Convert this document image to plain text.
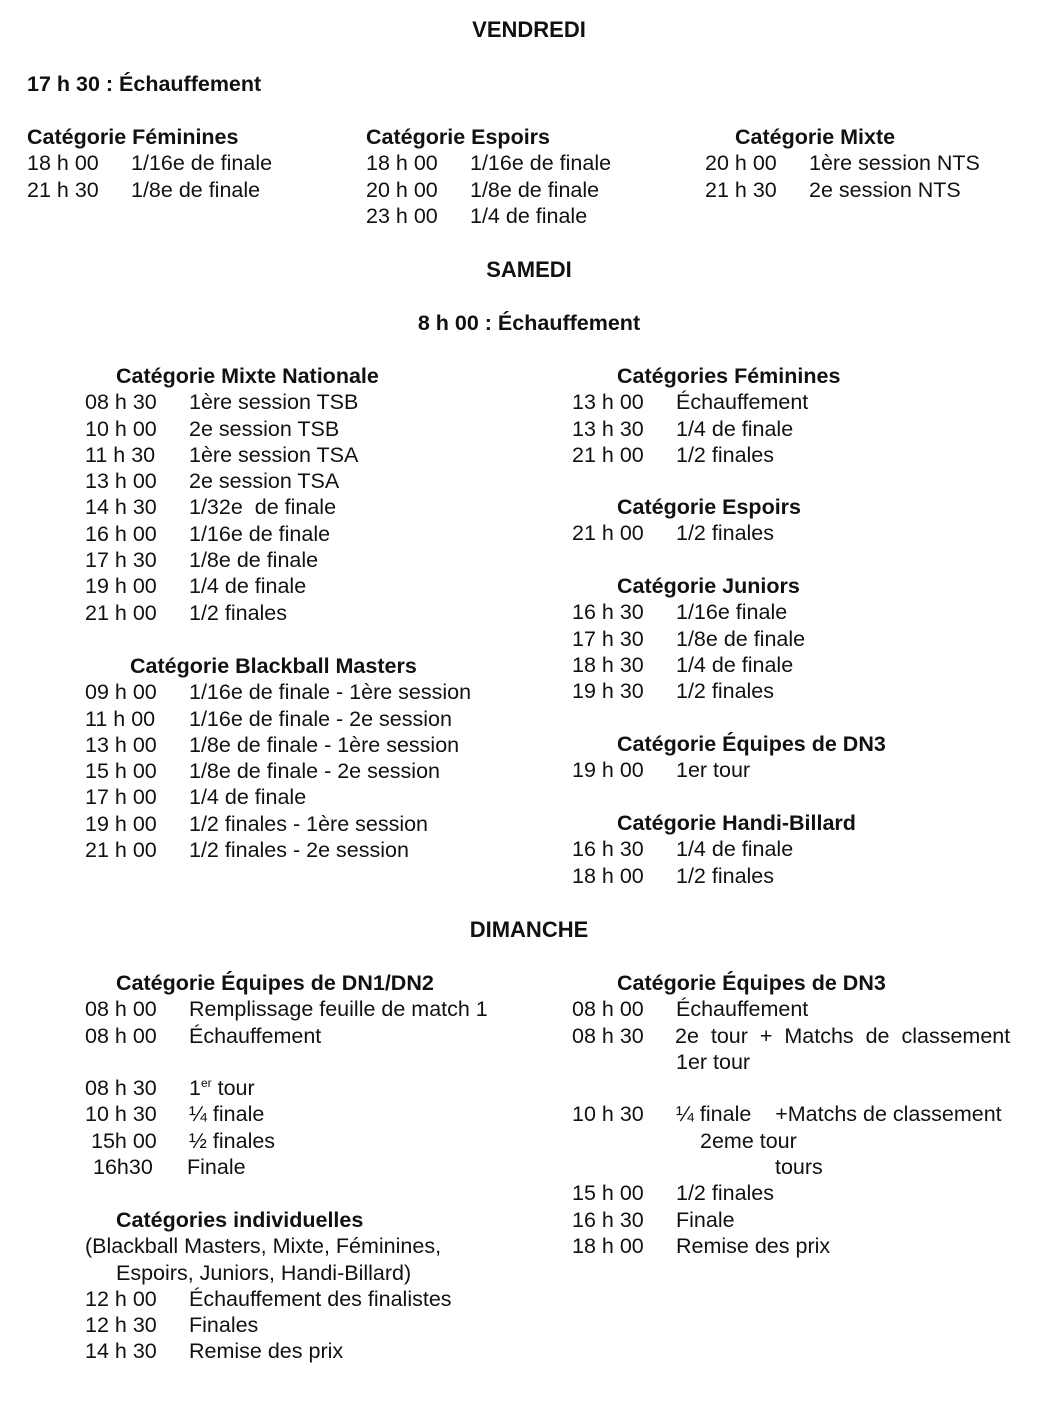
VENDREDI
17 h 30 : Échauffement
Catégorie Féminines
18 h 00 1/16e de finale
21 h 30 1/8e de finale
Catégorie Espoirs
18 h 00 1/16e de finale
20 h 00 1/8e de finale
23 h 00 1/4 de finale
Catégorie Mixte
20 h 00 1ère session NTS
21 h 30 2e session NTS
SAMEDI
8 h 00 : Échauffement
Catégorie Mixte Nationale
08 h 30 1ère session TSB
10 h 00 2e session TSB
11 h 30 1ère session TSA
13 h 00 2e session TSA
14 h 30 1/32e  de finale
16 h 00 1/16e de finale
17 h 30 1/8e de finale
19 h 00 1/4 de finale
21 h 00 1/2 finales
Catégorie Blackball Masters
09 h 00 1/16e de finale - 1ère session
11 h 00 1/16e de finale - 2e session
13 h 00 1/8e de finale - 1ère session
15 h 00 1/8e de finale - 2e session
17 h 00 1/4 de finale
19 h 00 1/2 finales - 1ère session
21 h 00 1/2 finales - 2e session
Catégories Féminines
13 h 00 Échauffement
13 h 30 1/4 de finale
21 h 00 1/2 finales
Catégorie Espoirs
21 h 00 1/2 finales
Catégorie Juniors
16 h 30 1/16e finale
17 h 30 1/8e de finale
18 h 30 1/4 de finale
19 h 30 1/2 finales
Catégorie Équipes de DN3
19 h 00 1er tour
Catégorie Handi-Billard
16 h 30 1/4 de finale
18 h 00 1/2 finales
DIMANCHE
Catégorie Équipes de DN1/DN2
08 h 00 Remplissage feuille de match 1
08 h 00 Échauffement
08 h 30 1er tour
10 h 30 ¼ finale
15h 00 ½ finales
16h30 Finale
Catégories individuelles
(Blackball Masters, Mixte, Féminines,
Espoirs, Juniors, Handi-Billard)
12 h 00 Échauffement des finalistes
12 h 30 Finales
14 h 30 Remise des prix
Catégorie Équipes de DN3
08 h 00 Échauffement
08 h 30 2e  tour  +  Matchs  de  classement
1er tour
10 h 30 ¼ finale    +Matchs de classement
2eme tour
tours
15 h 00 1/2 finales
16 h 30 Finale
18 h 00 Remise des prix
